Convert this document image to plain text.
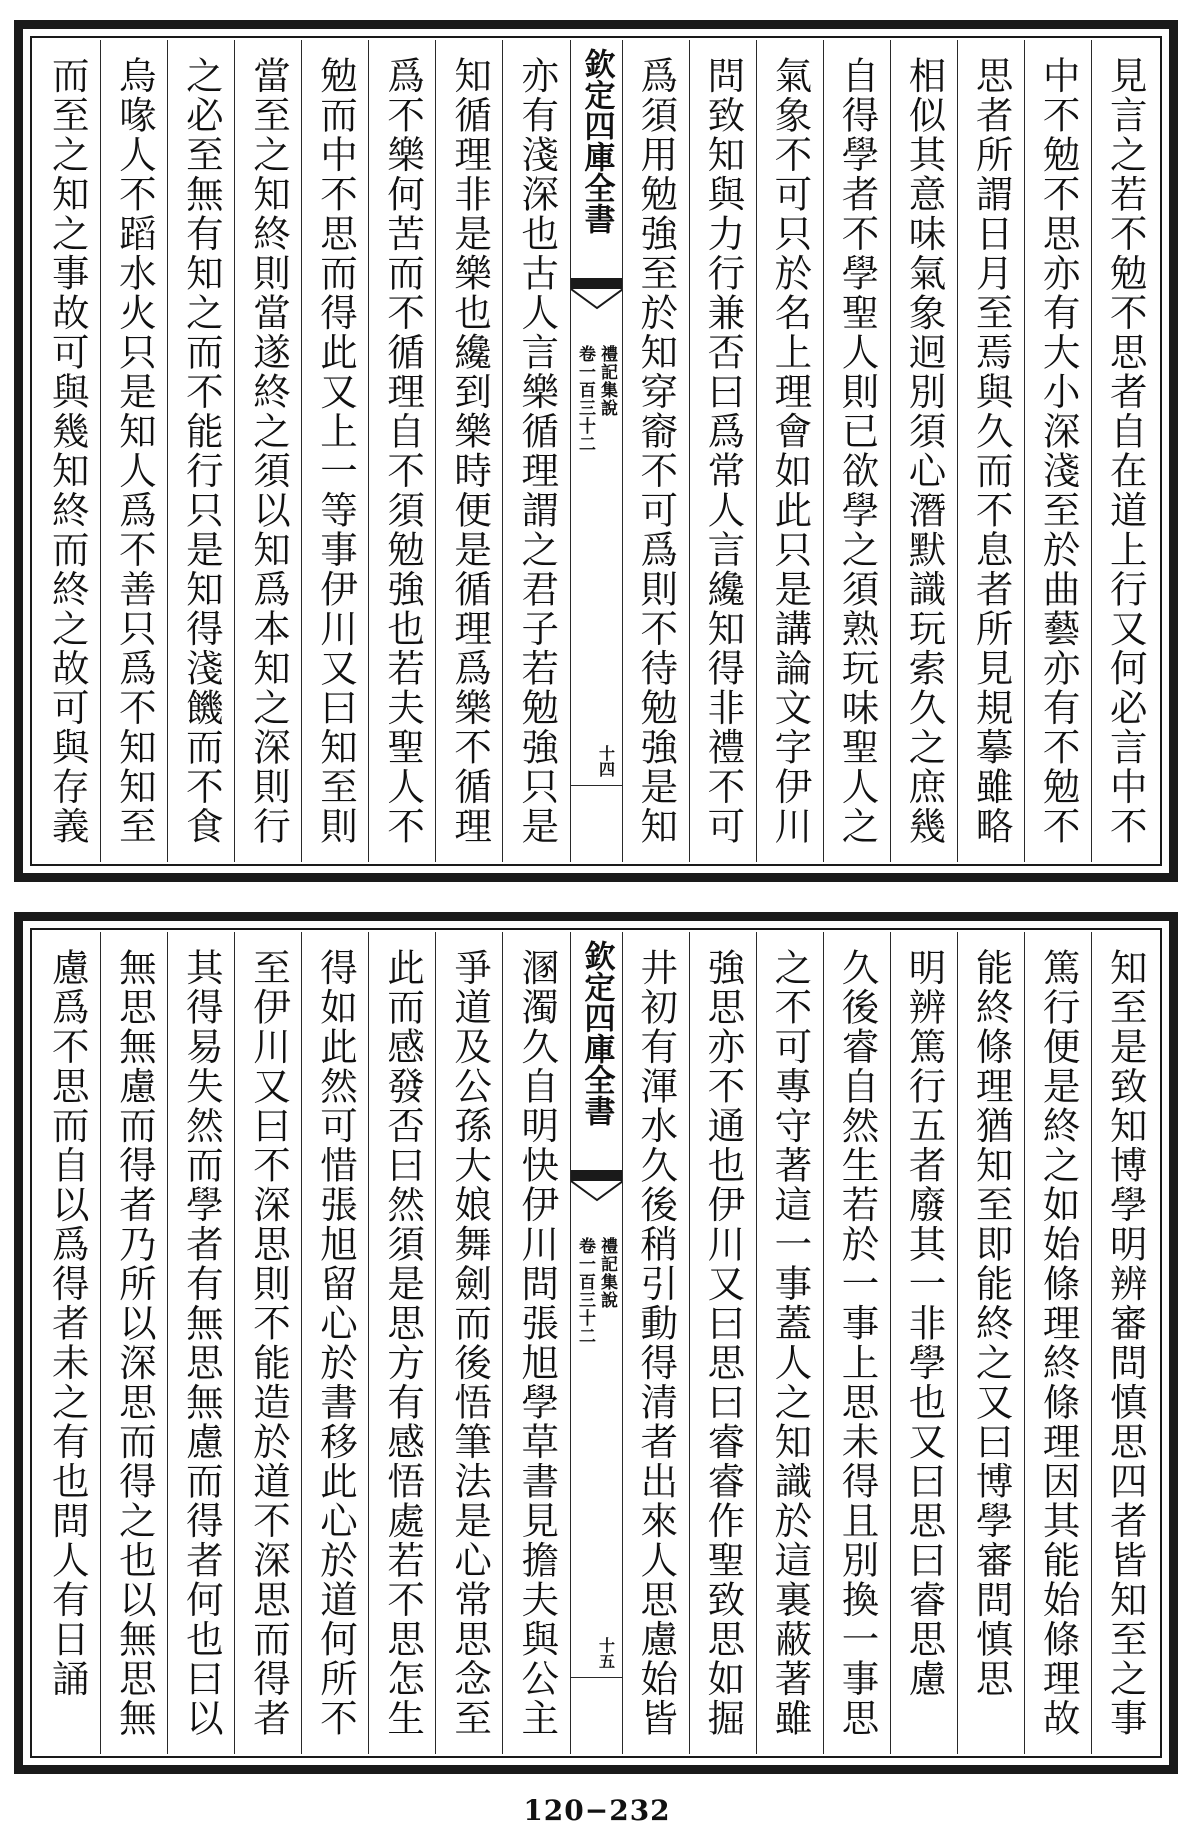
見言之若不勉不思者自在道上行又何必言中不
中不勉不思亦有大小深淺至於曲藝亦有不勉不
思者所謂日月至焉與久而不息者所見規摹雖略
相似其意味氣象迥別須心潛默識玩索久之庶幾
自得學者不學聖人則已欲學之須熟玩味聖人之
氣象不可只於名上理會如此只是講論文字伊川
問致知與力行兼否曰爲常人言纔知得非禮不可
爲須用勉強至於知穿窬不可爲則不待勉強是知
欽定四庫全書
禮記集說
卷一百三十二
十四
亦有淺深也古人言樂循理謂之君子若勉強只是
知循理非是樂也纔到樂時便是循理爲樂不循理
爲不樂何苦而不循理自不須勉強也若夫聖人不
勉而中不思而得此又上一等事伊川又曰知至則
當至之知終則當遂終之須以知爲本知之深則行
之必至無有知之而不能行只是知得淺饑而不食
烏喙人不蹈水火只是知人爲不善只爲不知知至
而至之知之事故可與幾知終而終之故可與存義
知至是致知博學明辨審問慎思四者皆知至之事
篤行便是終之如始條理終條理因其能始條理故
能終條理猶知至即能終之又曰博學審問慎思
明辨篤行五者廢其一非學也又曰思曰睿思慮
久後睿自然生若於一事上思未得且別換一事思
之不可專守著這一事蓋人之知識於這裏蔽著雖
強思亦不通也伊川又曰思曰睿睿作聖致思如掘
井初有渾水久後稍引動得清者出來人思慮始皆
欽定四庫全書
禮記集說
卷一百三十二
十五
溷濁久自明快伊川問張旭學草書見擔夫與公主
爭道及公孫大娘舞劍而後悟筆法是心常思念至
此而感發否曰然須是思方有感悟處若不思怎生
得如此然可惜張旭留心於書移此心於道何所不
至伊川又曰不深思則不能造於道不深思而得者
其得易失然而學者有無思無慮而得者何也曰以
無思無慮而得者乃所以深思而得之也以無思無
慮爲不思而自以爲得者未之有也問人有日誦
120−232
